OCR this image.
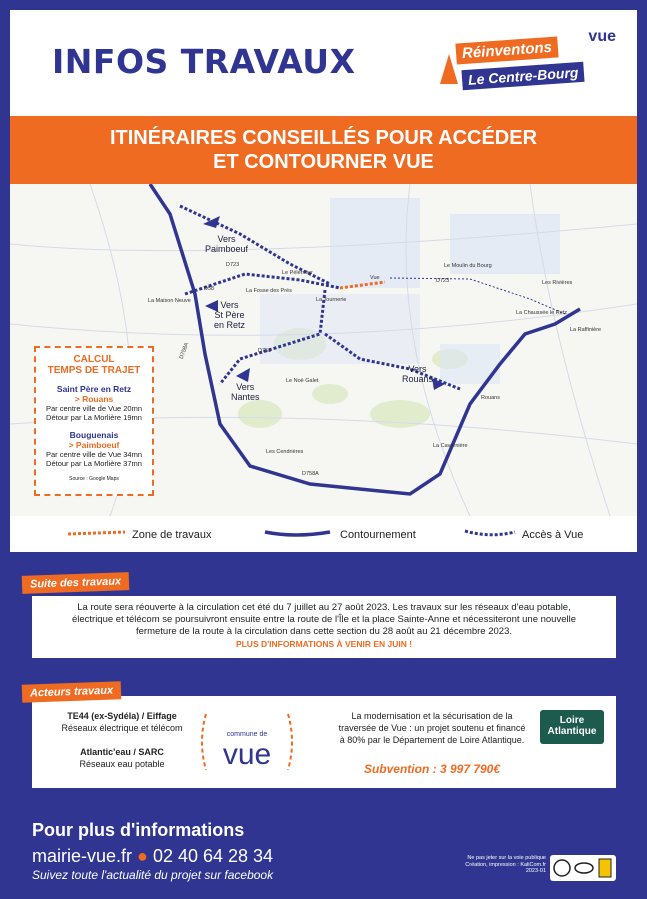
INFOS TRAVAUX	Réinventons
Le Centre-Bourg
vue
ITINÉRAIRES CONSEILLÉS POUR ACCÉDER
ET CONTOURNER VUE
Vers
Paimboeuf
Vers
St Père
en Retz
Vers
Nantes
Vers
Rouans
Le Pélerinier
Vue
Le Moulin du Bourg
Les Rivières
La Chaussée le Retz
La Raffinière
La Maison Neuve
La Fosse des Prés
La Tournerie
Le Noë Galet
Rouans
La Cavernière
Les Cendrières
D723
D58
D723
D758A	D758
D758A
CALCUL
TEMPS DE TRAJET
Saint Père en Retz
> Rouans
Par centre ville de Vue 20mn
Détour par La Morlière 19mn
Bouguenais
> Paimboeuf
Par centre ville de Vue 34mn
Détour par La Morlière 37mn
Source : Google Maps
Zone de travaux	Contournement	Accès à Vue
La route sera réouverte à la circulation cet été du 7 juillet au 27 août 2023. Les travaux sur les réseaux d'eau potable,
électrique et télécom se poursuivront ensuite entre la route de l'Île et la place Sainte-Anne et nécessiteront une nouvelle
fermeture de la route à la circulation dans cette section du 28 août au 21 décembre 2023.
PLUS D'INFORMATIONS À VENIR EN JUIN !
Suite des travaux
TE44 (ex-Sydéla) / Eiffage
Réseaux électrique et télécom
Atlantic'eau / SARC
Réseaux eau potable
commune de
vue
La modernisation et la sécurisation de la
traversée de Vue : un projet soutenu et financé
à 80% par le Département de Loire Atlantique.
Subvention : 3 997 790€
Loire
Atlantique
Acteurs travaux
Pour plus d'informations
mairie-vue.fr ● 02 40 64 28 34
Suivez toute l'actualité du projet sur facebook
Ne pas jeter sur la voie publique
Création, impression : KaliCom.fr
2023-01
